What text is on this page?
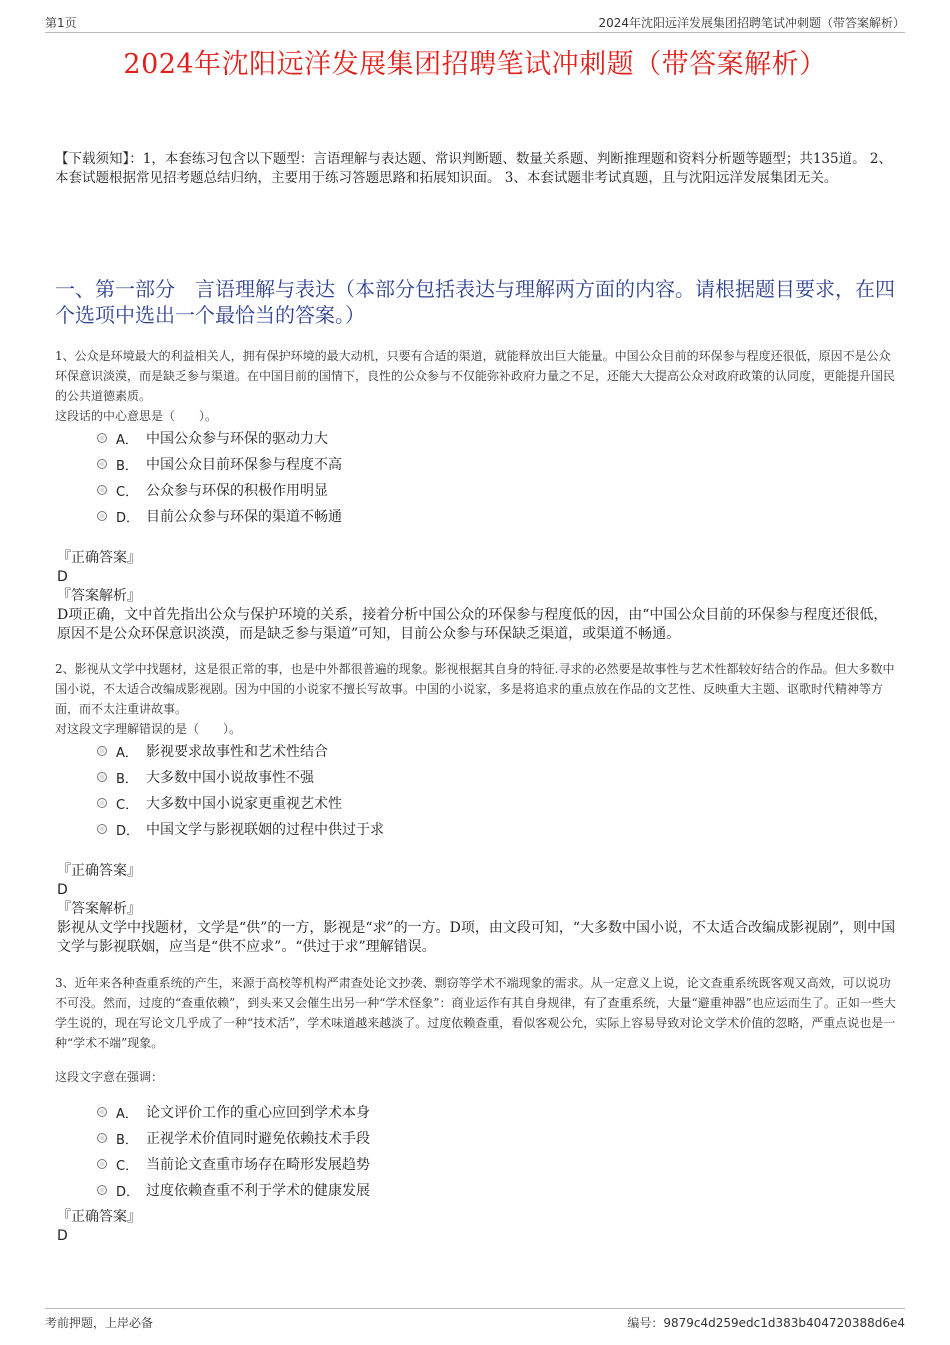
第1页	2024年沈阳远洋发展集团招聘笔试冲刺题（带答案解析）
2024年沈阳远洋发展集团招聘笔试冲刺题（带答案解析）
【下载须知】：1，本套练习包含以下题型：言语理解与表达题、常识判断题、数量关系题、判断推理题和资料分析题等题型；共135道。 2、本套试题根据常见招考题总结归纳，主要用于练习答题思路和拓展知识面。 3、本套试题非考试真题，且与沈阳远洋发展集团无关。
一、第一部分　言语理解与表达（本部分包括表达与理解两方面的内容。请根据题目要求，在四个选项中选出一个最恰当的答案。）
1、公众是环境最大的利益相关人，拥有保护环境的最大动机，只要有合适的渠道，就能释放出巨大能量。中国公众目前的环保参与程度还很低，原因不是公众环保意识淡漠，而是缺乏参与渠道。在中国目前的国情下，良性的公众参与不仅能弥补政府力量之不足，还能大大提高公众对政府政策的认同度，更能提升国民的公共道德素质。
这段话的中心意思是（　　）。
A． 中国公众参与环保的驱动力大
B． 中国公众目前环保参与程度不高
C． 公众参与环保的积极作用明显
D． 目前公众参与环保的渠道不畅通
『正确答案』
D
『答案解析』
D项正确，文中首先指出公众与保护环境的关系，接着分析中国公众的环保参与程度低的因，由“中国公众目前的环保参与程度还很低，原因不是公众环保意识淡漠，而是缺乏参与渠道”可知，目前公众参与环保缺乏渠道，或渠道不畅通。
2、影视从文学中找题材，这是很正常的事，也是中外都很普遍的现象。影视根据其自身的特征.寻求的必然要是故事性与艺术性都较好结合的作品。但大多数中国小说，不太适合改编成影视剧。因为中国的小说家不擅长写故事。中国的小说家，多是将追求的重点放在作品的文艺性、反映重大主题、讴歌时代精神等方面，而不太注重讲故事。
对这段文字理解错误的是（　　）。
A． 影视要求故事性和艺术性结合
B． 大多数中国小说故事性不强
C． 大多数中国小说家更重视艺术性
D． 中国文学与影视联姻的过程中供过于求
『正确答案』
D
『答案解析』
影视从文学中找题材，文学是“供”的一方，影视是“求”的一方。D项，由文段可知，“大多数中国小说，不太适合改编成影视剧”，则中国文学与影视联姻，应当是“供不应求”。“供过于求”理解错误。
3、近年来各种查重系统的产生，来源于高校等机构严肃查处论文抄袭、剽窃等学术不端现象的需求。从一定意义上说，论文查重系统既客观又高效，可以说功不可没。然而，过度的“查重依赖”，到头来又会催生出另一种“学术怪象”：商业运作有其自身规律，有了查重系统，大量“避重神器”也应运而生了。正如一些大学生说的，现在写论文几乎成了一种“技术活”，学术味道越来越淡了。过度依赖查重，看似客观公允，实际上容易导致对论文学术价值的忽略，严重点说也是一种“学术不端”现象。
这段文字意在强调：
A． 论文评价工作的重心应回到学术本身
B． 正视学术价值同时避免依赖技术手段
C． 当前论文查重市场存在畸形发展趋势
D． 过度依赖查重不利于学术的健康发展
『正确答案』
D
考前押题，上岸必备	编号：9879c4d259edc1d383b404720388d6e4
